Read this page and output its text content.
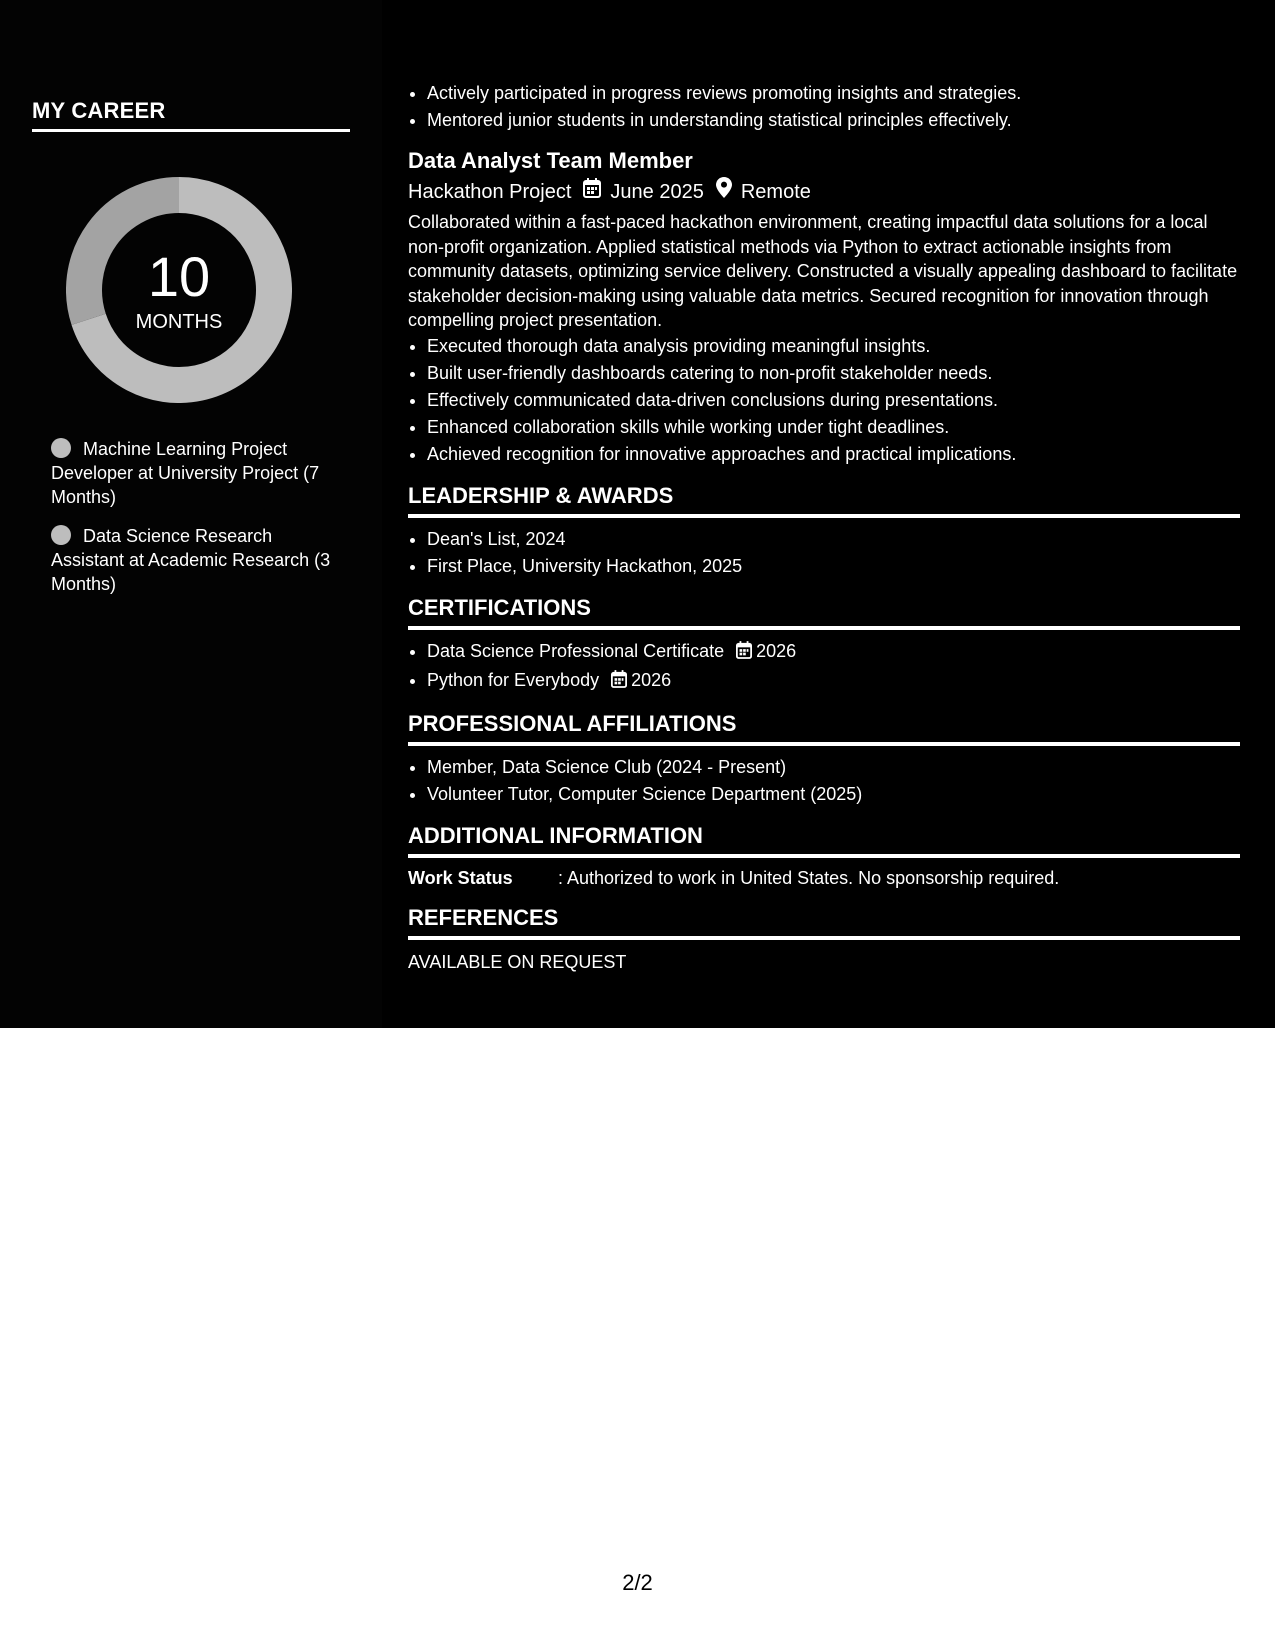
MY CAREER
10
MONTHS
Machine Learning Project Developer at University Project (7 Months)
Data Science Research Assistant at Academic Research (3 Months)
• Actively participated in progress reviews promoting insights and strategies.
• Mentored junior students in understanding statistical principles effectively.
Data Analyst Team Member
Hackathon Project June 2025 Remote
Collaborated within a fast-paced hackathon environment, creating impactful data solutions for a local non-profit organization. Applied statistical methods via Python to extract actionable insights from community datasets, optimizing service delivery. Constructed a visually appealing dashboard to facilitate stakeholder decision-making using valuable data metrics. Secured recognition for innovation through compelling project presentation.
• Executed thorough data analysis providing meaningful insights.
• Built user-friendly dashboards catering to non-profit stakeholder needs.
• Effectively communicated data-driven conclusions during presentations.
• Enhanced collaboration skills while working under tight deadlines.
• Achieved recognition for innovative approaches and practical implications.
LEADERSHIP & AWARDS
• Dean's List, 2024
• First Place, University Hackathon, 2025
CERTIFICATIONS
• Data Science Professional Certificate 2026
• Python for Everybody 2026
PROFESSIONAL AFFILIATIONS
• Member, Data Science Club (2024 - Present)
• Volunteer Tutor, Computer Science Department (2025)
ADDITIONAL INFORMATION
Work Status	: Authorized to work in United States. No sponsorship required.
REFERENCES
AVAILABLE ON REQUEST
2/2
